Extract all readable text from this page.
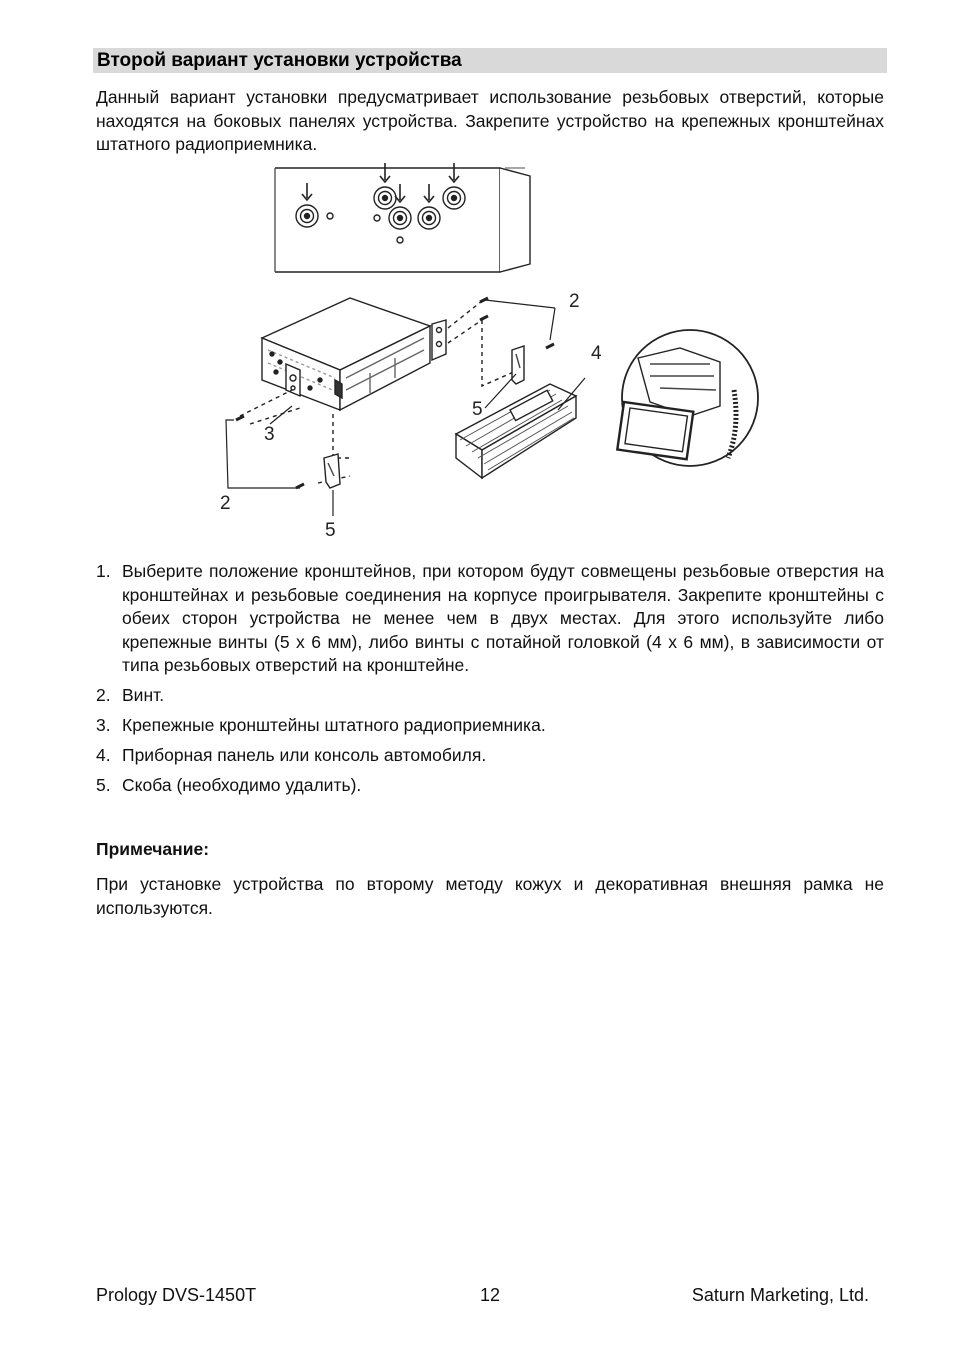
Второй вариант установки устройства

Данный вариант установки предусматривает использование резьбовых отверстий, которые находятся на боковых панелях устройства. Закрепите устройство на крепежных кронштейнах штатного радиоприемника.

2
4
5
3
2
5
1. Выберите положение кронштейнов, при котором будут совмещены резьбовые отверстия на кронштейнах и резьбовые соединения на корпусе проигрывателя. Закрепите кронштейны с обеих сторон устройства не менее чем в двух местах. Для этого используйте либо крепежные винты (5 x 6 мм), либо винты с потайной головкой (4 x 6 мм), в зависимости от типа резьбовых отверстий на кронштейне.
2. Винт.
3. Крепежные кронштейны штатного радиоприемника.
4. Приборная панель или консоль автомобиля.
5. Скоба (необходимо удалить).
Примечание:

При установке устройства по второму методу кожух и декоративная внешняя рамка не используются.

Prology DVS-1450T	12	Saturn Marketing, Ltd.
